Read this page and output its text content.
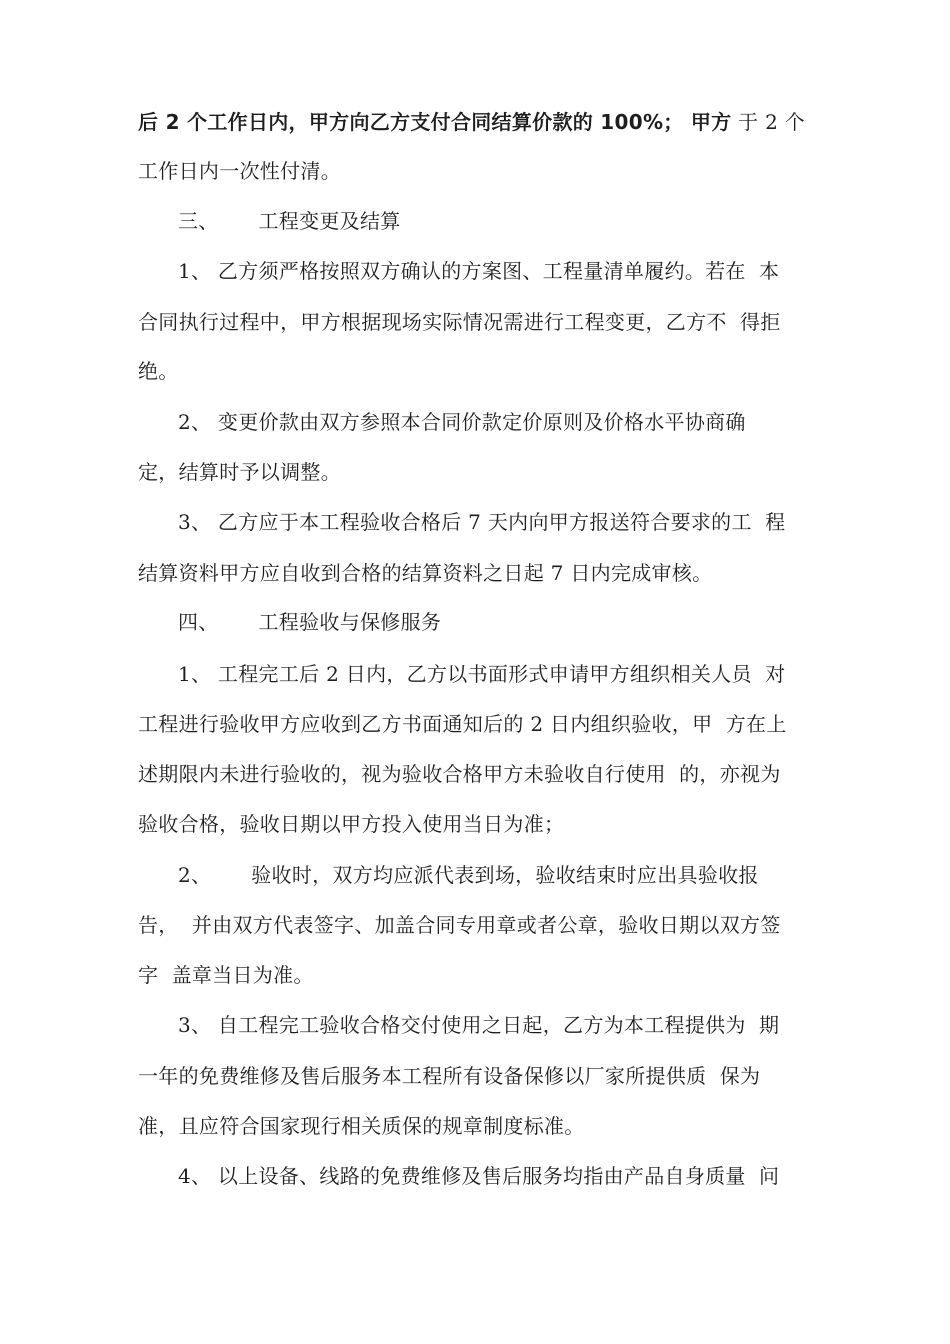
后 2 个工作日内，甲方向乙方支付合同结算价款的 100%； 甲方 于 2 个
工作日内一次性付清。
三、      工程变更及结算
1、 乙方须严格按照双方确认的方案图、工程量清单履约。若在  本
合同执行过程中，甲方根据现场实际情况需进行工程变更，乙方不  得拒
绝。
2、 变更价款由双方参照本合同价款定价原则及价格水平协商确
定，结算时予以调整。
3、 乙方应于本工程验收合格后 7 天内向甲方报送符合要求的工  程
结算资料甲方应自收到合格的结算资料之日起 7 日内完成审核。
四、      工程验收与保修服务
1、 工程完工后 2 日内，乙方以书面形式申请甲方组织相关人员  对
工程进行验收甲方应收到乙方书面通知后的 2 日内组织验收，甲  方在上
述期限内未进行验收的，视为验收合格甲方未验收自行使用  的，亦视为
验收合格，验收日期以甲方投入使用当日为准；
2、      验收时，双方均应派代表到场，验收结束时应出具验收报
告，  并由双方代表签字、加盖合同专用章或者公章，验收日期以双方签
字  盖章当日为准。
3、 自工程完工验收合格交付使用之日起，乙方为本工程提供为  期
一年的免费维修及售后服务本工程所有设备保修以厂家所提供质  保为
准，且应符合国家现行相关质保的规章制度标准。
4、 以上设备、线路的免费维修及售后服务均指由产品自身质量  问
